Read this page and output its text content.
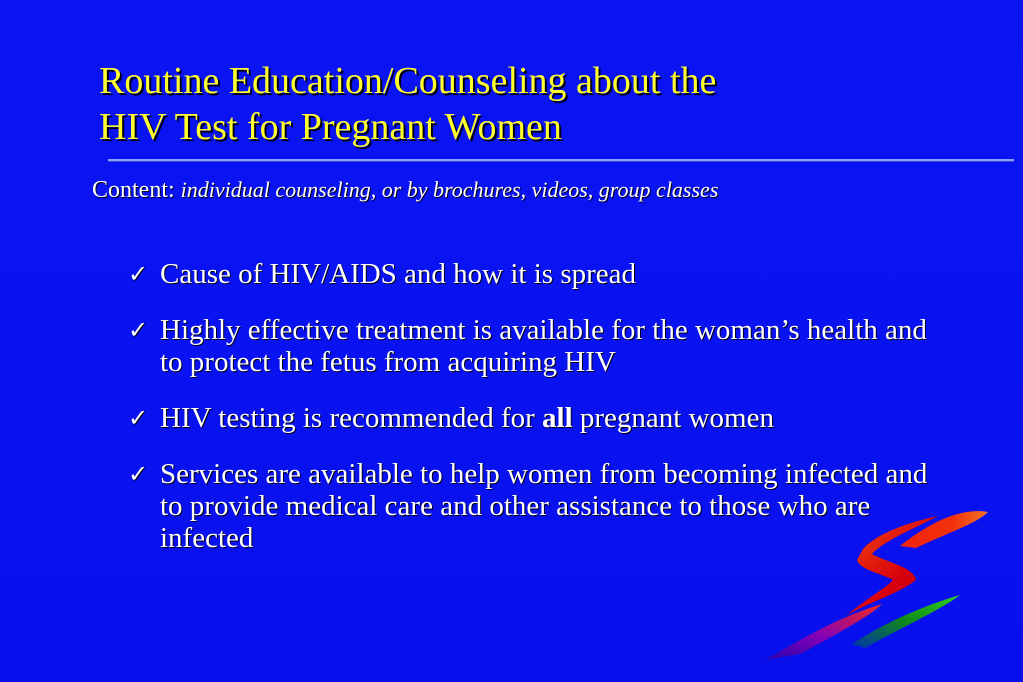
Routine Education/Counseling about the
HIV Test for Pregnant Women
Content: individual counseling, or by brochures, videos, group classes
✓ Cause of HIV/AIDS and how it is spread
✓ Highly effective treatment is available for the woman’s health and to protect the fetus from acquiring HIV
✓ HIV testing is recommended for all pregnant women
✓ Services are available to help women from becoming infected and to provide medical care and other assistance to those who are infected
